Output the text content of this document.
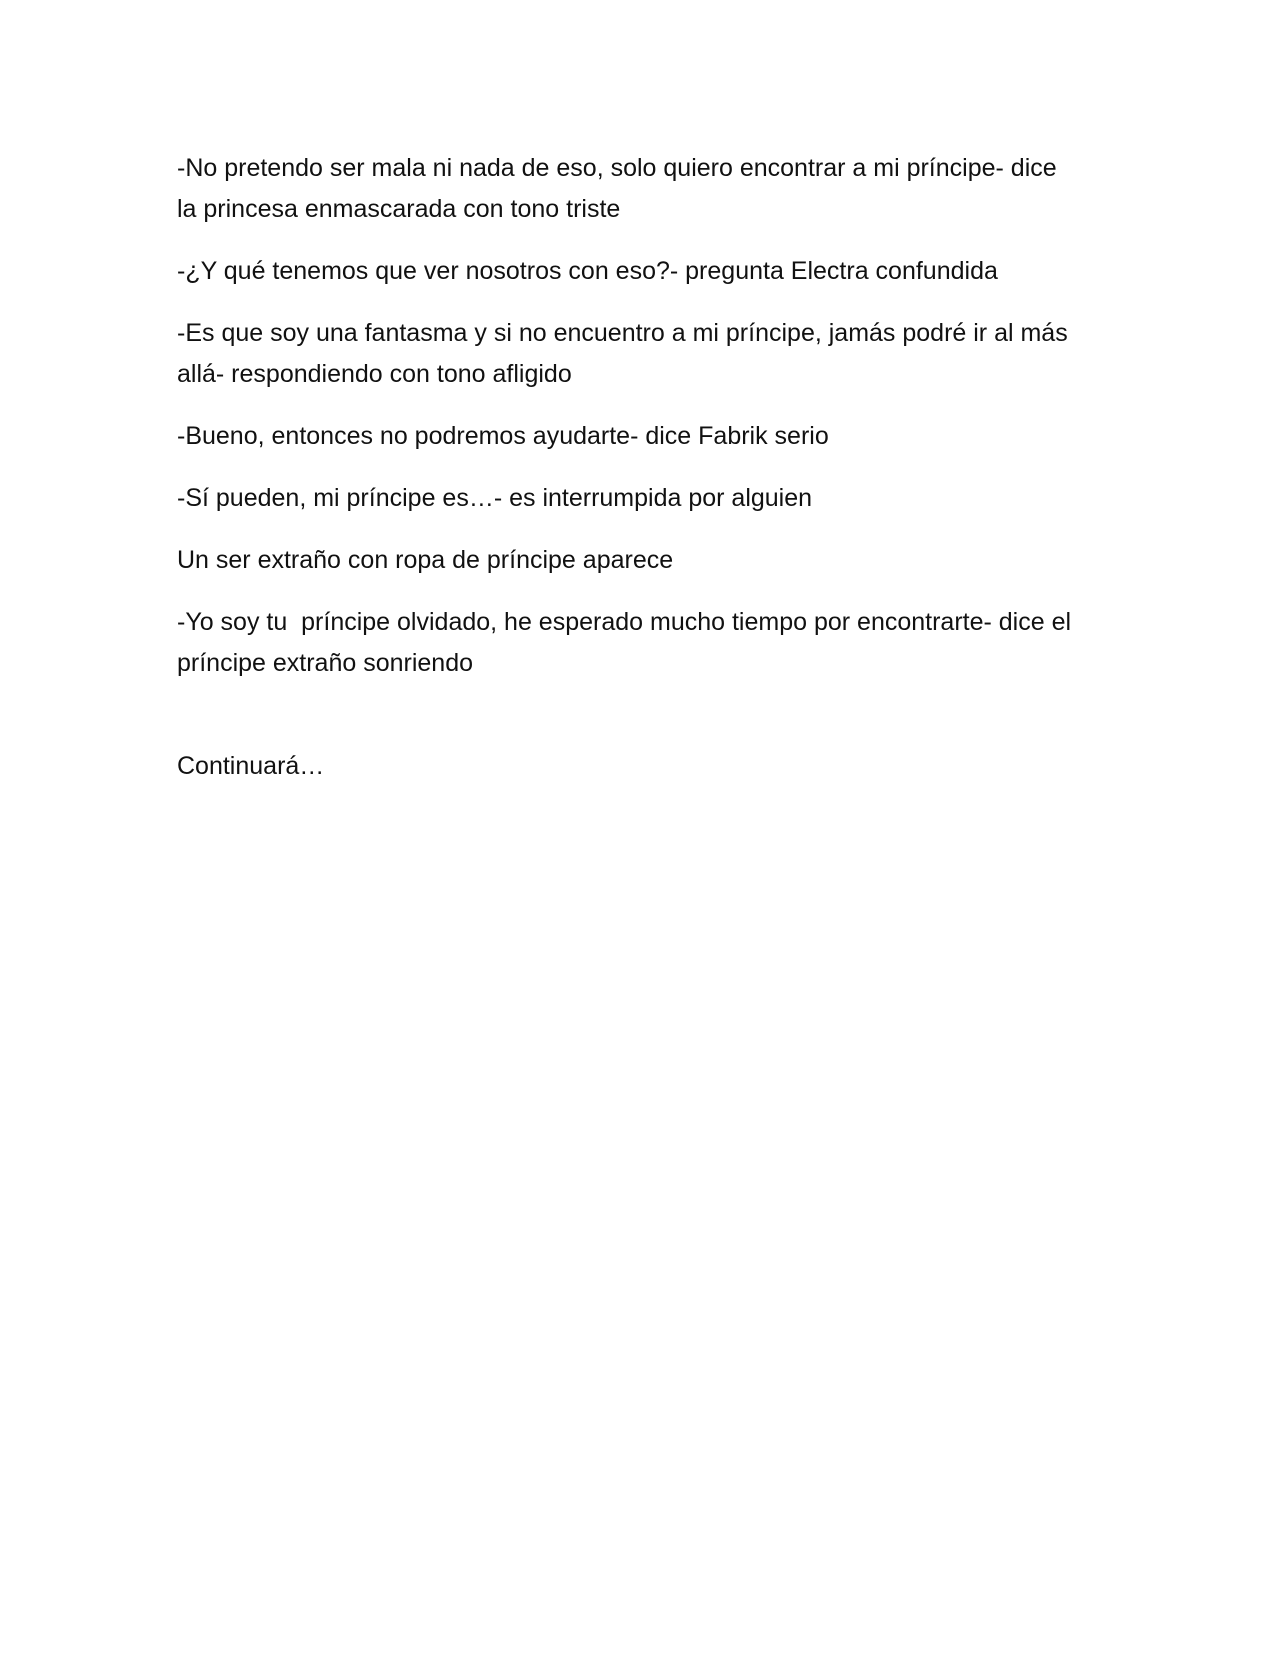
-No pretendo ser mala ni nada de eso, solo quiero encontrar a mi príncipe- dice la princesa enmascarada con tono triste

-¿Y qué tenemos que ver nosotros con eso?- pregunta Electra confundida

-Es que soy una fantasma y si no encuentro a mi príncipe, jamás podré ir al más allá- respondiendo con tono afligido

-Bueno, entonces no podremos ayudarte- dice Fabrik serio

-Sí pueden, mi príncipe es…- es interrumpida por alguien

Un ser extraño con ropa de príncipe aparece

-Yo soy tu  príncipe olvidado, he esperado mucho tiempo por encontrarte- dice el príncipe extraño sonriendo

Continuará…
